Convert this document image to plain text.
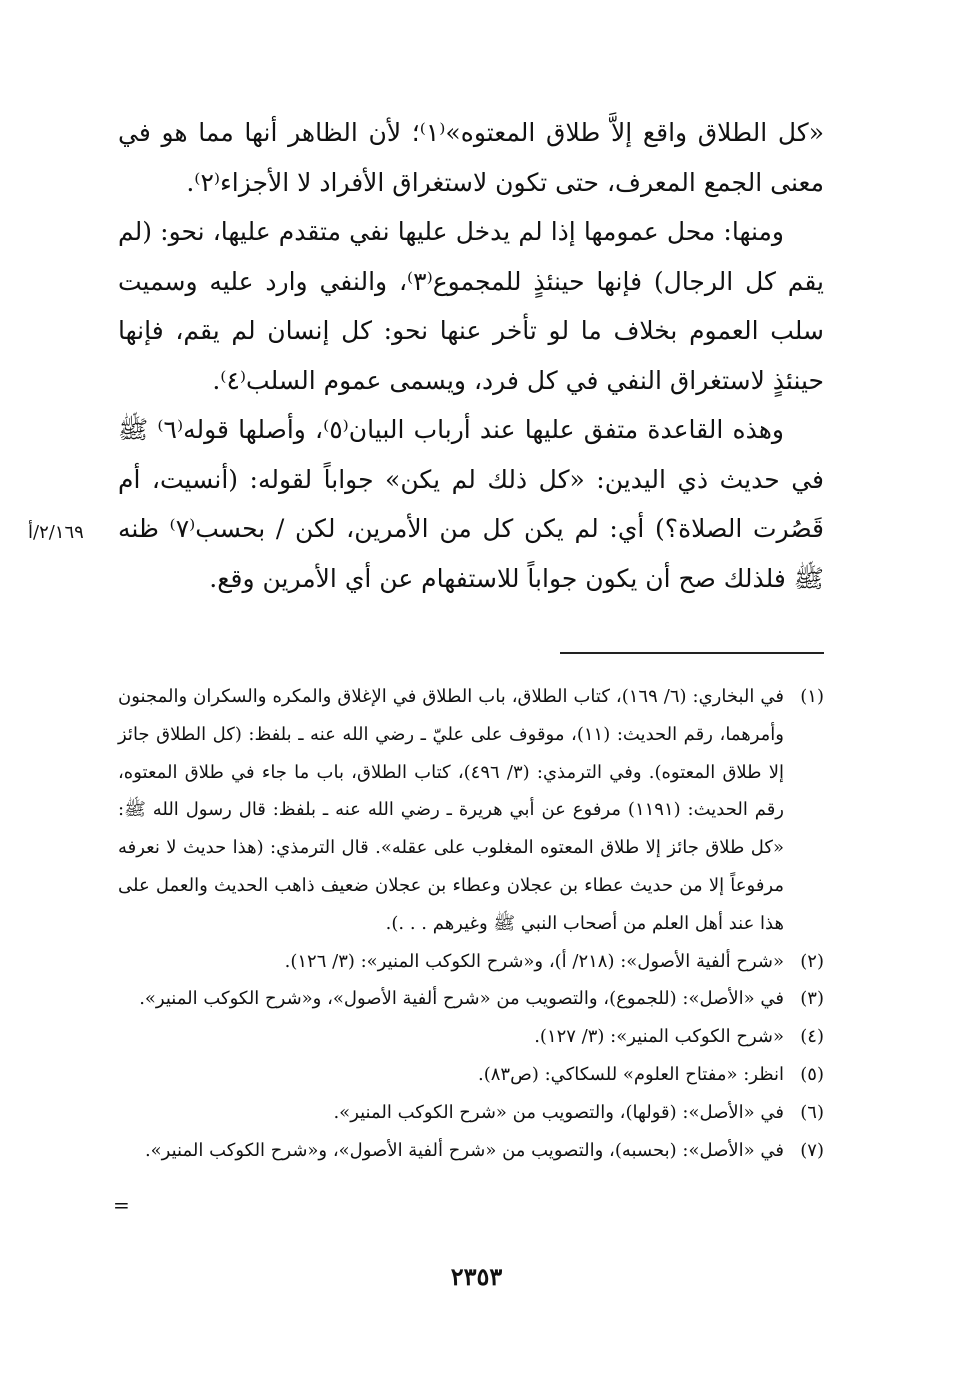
«كل الطلاق واقع إلاَّ طلاق المعتوه»⁽١⁾؛ لأن الظاهر أنها مما هو في معنى الجمع المعرف، حتى تكون لاستغراق الأفراد لا الأجزاء⁽٢⁾.

ومنها: محل عمومها إذا لم يدخل عليها نفي متقدم عليها، نحو: (لم يقم كل الرجال) فإنها حينئذٍ للمجموع⁽٣⁾، والنفي وارد عليه وسميت سلب العموم بخلاف ما لو تأخر عنها نحو: كل إنسان لم يقم، فإنها حينئذٍ لاستغراق النفي في كل فرد، ويسمى عموم السلب⁽٤⁾.

وهذه القاعدة متفق عليها عند أرباب البيان⁽٥⁾، وأصلها قوله⁽٦⁾ ﷺ في حديث ذي اليدين: «كل ذلك لم يكن» جواباً لقوله: (أنسيت، أم قَصُرت الصلاة؟) أي: لم يكن كل من الأمرين، لكن / بحسب⁽٧⁾ ظنه ﷺ فلذلك صح أن يكون جواباً للاستفهام عن أي الأمرين وقع.

٢/١٦٩/أ
(١)
في البخاري: (٦/ ١٦٩)، كتاب الطلاق، باب الطلاق في الإغلاق والمكره والسكران والمجنون وأمرهما، رقم الحديث: (١١)، موقوف على عليّ ـ رضي الله عنه ـ بلفظ: (كل الطلاق جائز إلا طلاق المعتوه). وفي الترمذي: (٣/ ٤٩٦)، كتاب الطلاق، باب ما جاء في طلاق المعتوه، رقم الحديث: (١١٩١) مرفوع عن أبي هريرة ـ رضي الله عنه ـ بلفظ: قال رسول الله ﷺ: «كل طلاق جائز إلا طلاق المعتوه المغلوب على عقله». قال الترمذي: (هذا حديث لا نعرفه مرفوعاً إلا من حديث عطاء بن عجلان وعطاء بن عجلان ضعيف ذاهب الحديث والعمل على هذا عند أهل العلم من أصحاب النبي ﷺ وغيرهم . . .).
(٢)
«شرح ألفية الأصول»: (٢١٨/ أ)، و«شرح الكوكب المنير»: (٣/ ١٢٦).
(٣)
في «الأصل»: (للجموع)، والتصويب من «شرح ألفية الأصول»، و«شرح الكوكب المنير».
(٤)
«شرح الكوكب المنير»: (٣/ ١٢٧).
(٥)
انظر: «مفتاح العلوم» للسكاكي: (ص٨٣).
(٦)
في «الأصل»: (قولها)، والتصويب من «شرح الكوكب المنير».
(٧)
في «الأصل»: (بحسبه)، والتصويب من «شرح ألفية الأصول»، و«شرح الكوكب المنير».
=
٢٣٥٣
